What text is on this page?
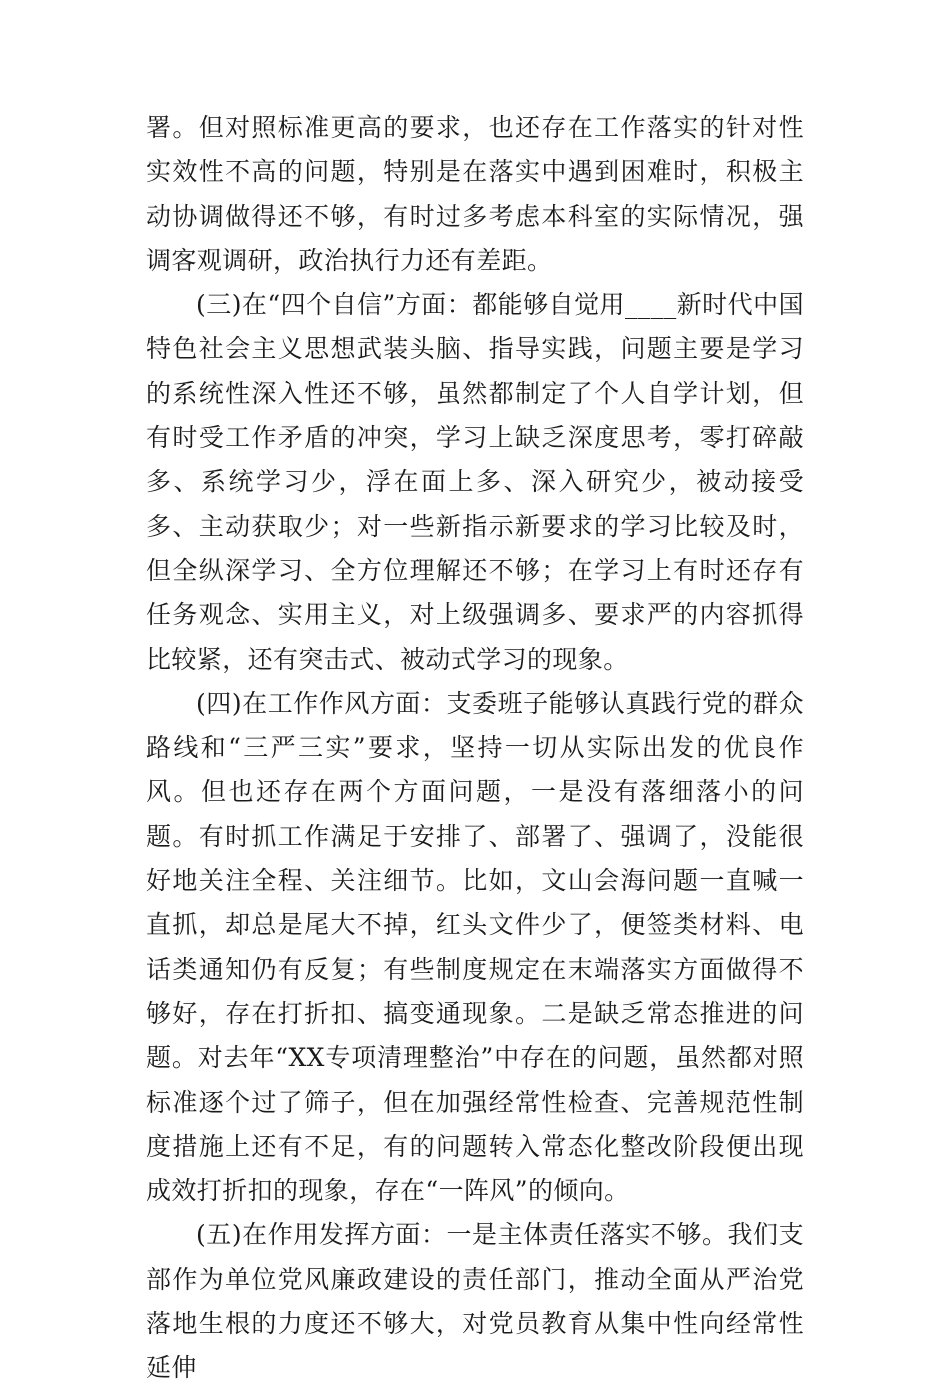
署。但对照标准更高的要求，也还存在工作落实的针对性实效性不高的问题，特别是在落实中遇到困难时，积极主动协调做得还不够，有时过多考虑本科室的实际情况，强调客观调研，政治执行力还有差距。

(三)在“四个自信”方面：都能够自觉用____新时代中国特色社会主义思想武装头脑、指导实践，问题主要是学习的系统性深入性还不够，虽然都制定了个人自学计划，但有时受工作矛盾的冲突，学习上缺乏深度思考，零打碎敲多、系统学习少，浮在面上多、深入研究少，被动接受多、主动获取少；对一些新指示新要求的学习比较及时，但全纵深学习、全方位理解还不够；在学习上有时还存有任务观念、实用主义，对上级强调多、要求严的内容抓得比较紧，还有突击式、被动式学习的现象。

(四)在工作作风方面：支委班子能够认真践行党的群众路线和“三严三实”要求，坚持一切从实际出发的优良作风。但也还存在两个方面问题，一是没有落细落小的问题。有时抓工作满足于安排了、部署了、强调了，没能很好地关注全程、关注细节。比如，文山会海问题一直喊一直抓，却总是尾大不掉，红头文件少了，便签类材料、电话类通知仍有反复；有些制度规定在末端落实方面做得不够好，存在打折扣、搞变通现象。二是缺乏常态推进的问题。对去年“XX专项清理整治”中存在的问题，虽然都对照标准逐个过了筛子，但在加强经常性检查、完善规范性制度措施上还有不足，有的问题转入常态化整改阶段便出现成效打折扣的现象，存在“一阵风”的倾向。

(五)在作用发挥方面：一是主体责任落实不够。我们支部作为单位党风廉政建设的责任部门，推动全面从严治党落地生根的力度还不够大，对党员教育从集中性向经常性延伸
